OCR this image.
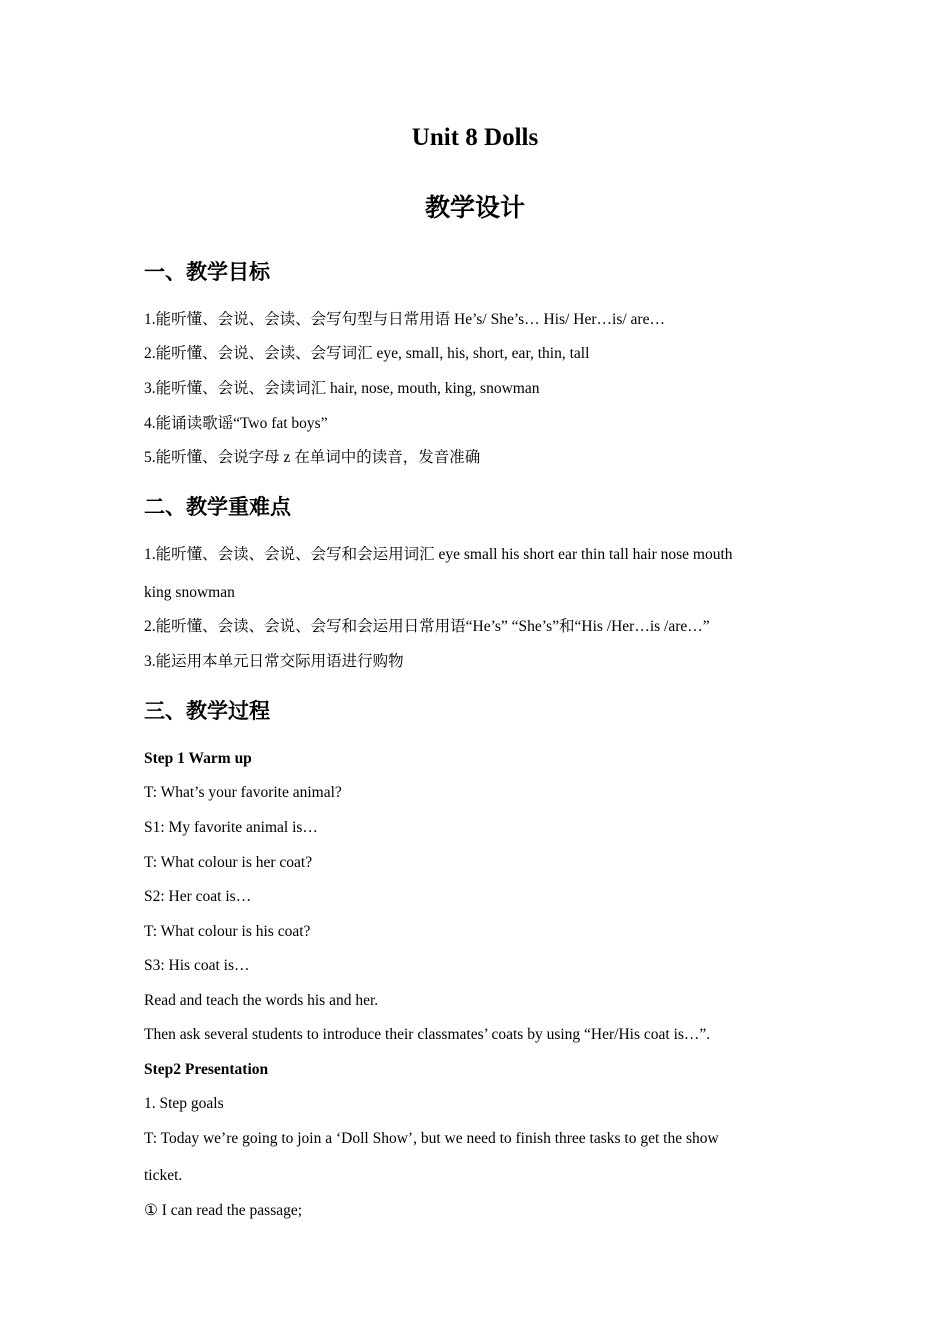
Unit 8 Dolls
教学设计
一、教学目标
1.能听懂、会说、会读、会写句型与日常用语 He’s/ She’s… His/ Her…is/ are…
2.能听懂、会说、会读、会写词汇 eye, small, his, short, ear, thin, tall
3.能听懂、会说、会读词汇 hair, nose, mouth, king, snowman
4.能诵读歌谣“Two fat boys”
5.能听懂、会说字母 z 在单词中的读音，发音准确
二、教学重难点
1.能听懂、会读、会说、会写和会运用词汇 eye small his short ear thin tall hair nose mouth
king snowman
2.能听懂、会读、会说、会写和会运用日常用语“He’s” “She’s”和“His /Her…is /are…”
3.能运用本单元日常交际用语进行购物
三、教学过程
Step 1 Warm up
T: What’s your favorite animal?
S1: My favorite animal is…
T: What colour is her coat?
S2: Her coat is…
T: What colour is his coat?
S3: His coat is…
Read and teach the words his and her.
Then ask several students to introduce their classmates’ coats by using “Her/His coat is…”.
Step2 Presentation
1. Step goals
T: Today we’re going to join a ‘Doll Show’, but we need to finish three tasks to get the show
ticket.
① I can read the passage;
